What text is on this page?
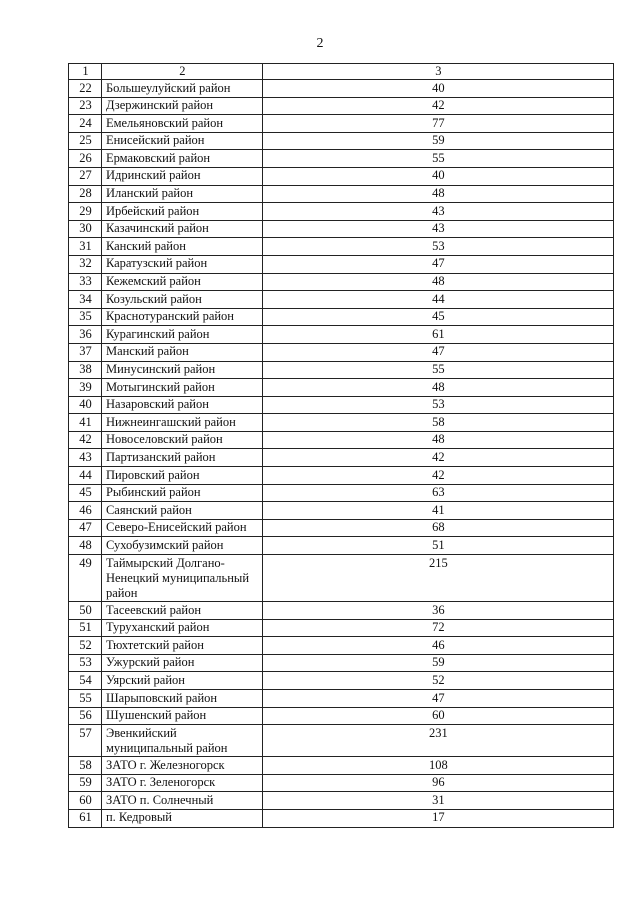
2
1	2	3
22	Большеулуйский район	40
23	Дзержинский район	42
24	Емельяновский район	77
25	Енисейский район	59
26	Ермаковский район	55
27	Идринский район	40
28	Иланский район	48
29	Ирбейский район	43
30	Казачинский район	43
31	Канский район	53
32	Каратузский район	47
33	Кежемский район	48
34	Козульский район	44
35	Краснотуранский район	45
36	Курагинский район	61
37	Манский район	47
38	Минусинский район	55
39	Мотыгинский район	48
40	Назаровский район	53
41	Нижнеингашский район	58
42	Новоселовский район	48
43	Партизанский район	42
44	Пировский район	42
45	Рыбинский район	63
46	Саянский район	41
47	Северо-Енисейский район	68
48	Сухобузимский район	51
49	Таймырский Долгано-Ненецкий муниципальный район	215
50	Тасеевский район	36
51	Туруханский район	72
52	Тюхтетский район	46
53	Ужурский район	59
54	Уярский район	52
55	Шарыповский район	47
56	Шушенский район	60
57	Эвенкийский муниципальный район	231
58	ЗАТО г. Железногорск	108
59	ЗАТО г. Зеленогорск	96
60	ЗАТО п. Солнечный	31
61	п. Кедровый	17
